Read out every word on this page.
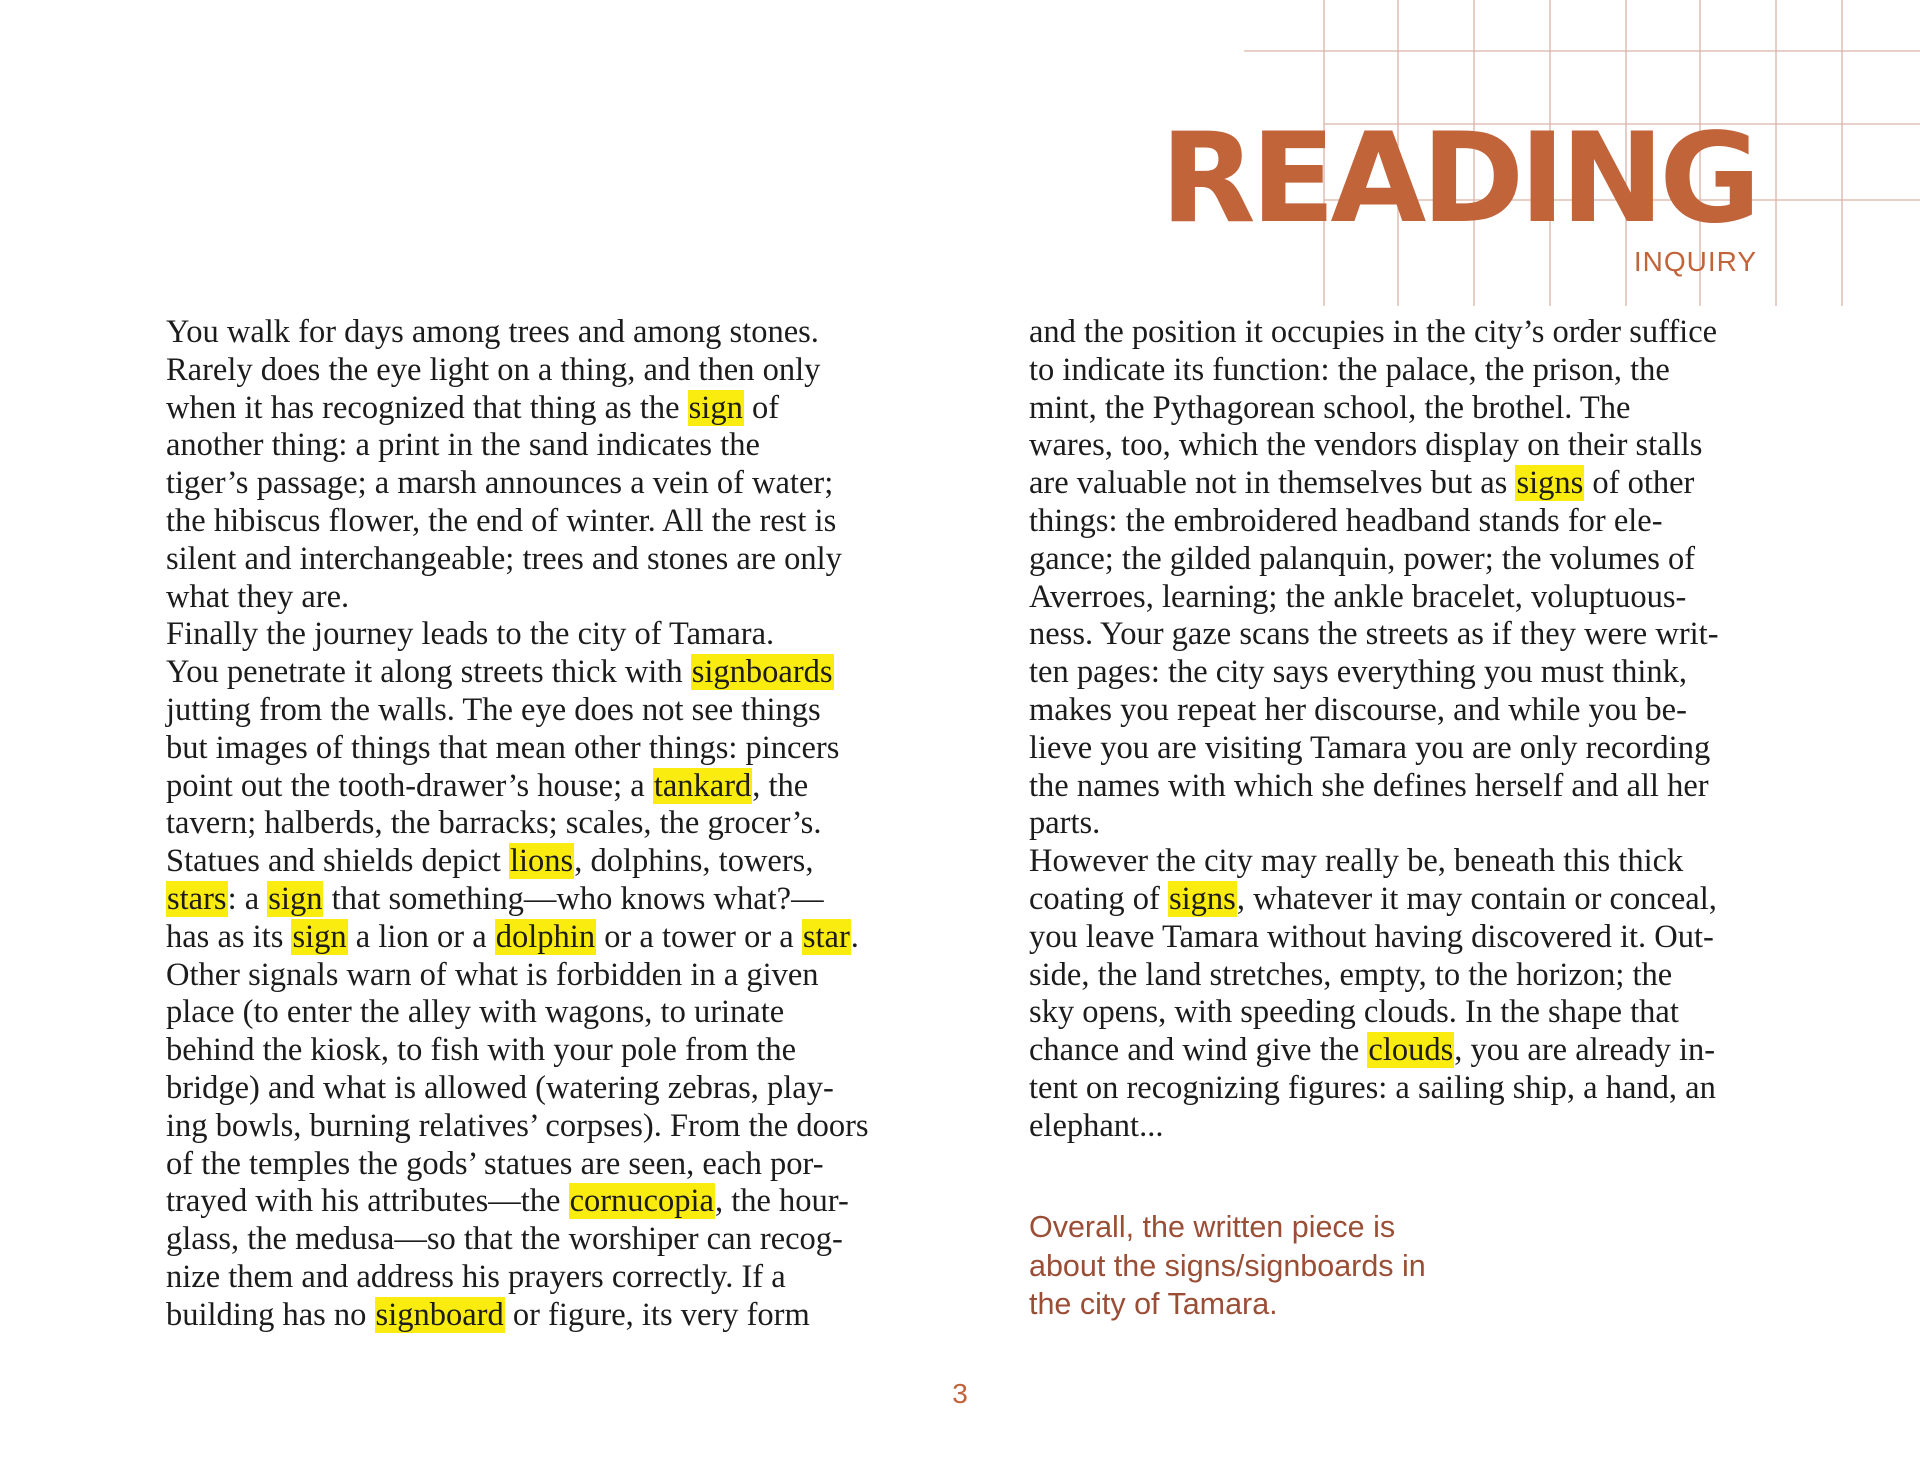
READING
INQUIRY
You walk for days among trees and among stones.
Rarely does the eye light on a thing, and then only
when it has recognized that thing as the sign of
another thing: a print in the sand indicates the
tiger’s passage; a marsh announces a vein of water;
the hibiscus flower, the end of winter. All the rest is
silent and interchangeable; trees and stones are only
what they are.
Finally the journey leads to the city of Tamara.
You penetrate it along streets thick with signboards
jutting from the walls. The eye does not see things
but images of things that mean other things: pincers
point out the tooth-drawer’s house; a tankard, the
tavern; halberds, the barracks; scales, the grocer’s.
Statues and shields depict lions, dolphins, towers,
stars: a sign that something—who knows what?—
has as its sign a lion or a dolphin or a tower or a star.
Other signals warn of what is forbidden in a given
place (to enter the alley with wagons, to urinate
behind the kiosk, to fish with your pole from the
bridge) and what is allowed (watering zebras, play-
ing bowls, burning relatives’ corpses). From the doors
of the temples the gods’ statues are seen, each por-
trayed with his attributes—the cornucopia, the hour-
glass, the medusa—so that the worshiper can recog-
nize them and address his prayers correctly. If a
building has no signboard or figure, its very form
and the position it occupies in the city’s order suffice
to indicate its function: the palace, the prison, the
mint, the Pythagorean school, the brothel. The
wares, too, which the vendors display on their stalls
are valuable not in themselves but as signs of other
things: the embroidered headband stands for ele-
gance; the gilded palanquin, power; the volumes of
Averroes, learning; the ankle bracelet, voluptuous-
ness. Your gaze scans the streets as if they were writ-
ten pages: the city says everything you must think,
makes you repeat her discourse, and while you be-
lieve you are visiting Tamara you are only recording
the names with which she defines herself and all her
parts.
However the city may really be, beneath this thick
coating of signs, whatever it may contain or conceal,
you leave Tamara without having discovered it. Out-
side, the land stretches, empty, to the horizon; the
sky opens, with speeding clouds. In the shape that
chance and wind give the clouds, you are already in-
tent on recognizing figures: a sailing ship, a hand, an
elephant...
Overall, the written piece is
about the signs/signboards in
the city of Tamara.
3
